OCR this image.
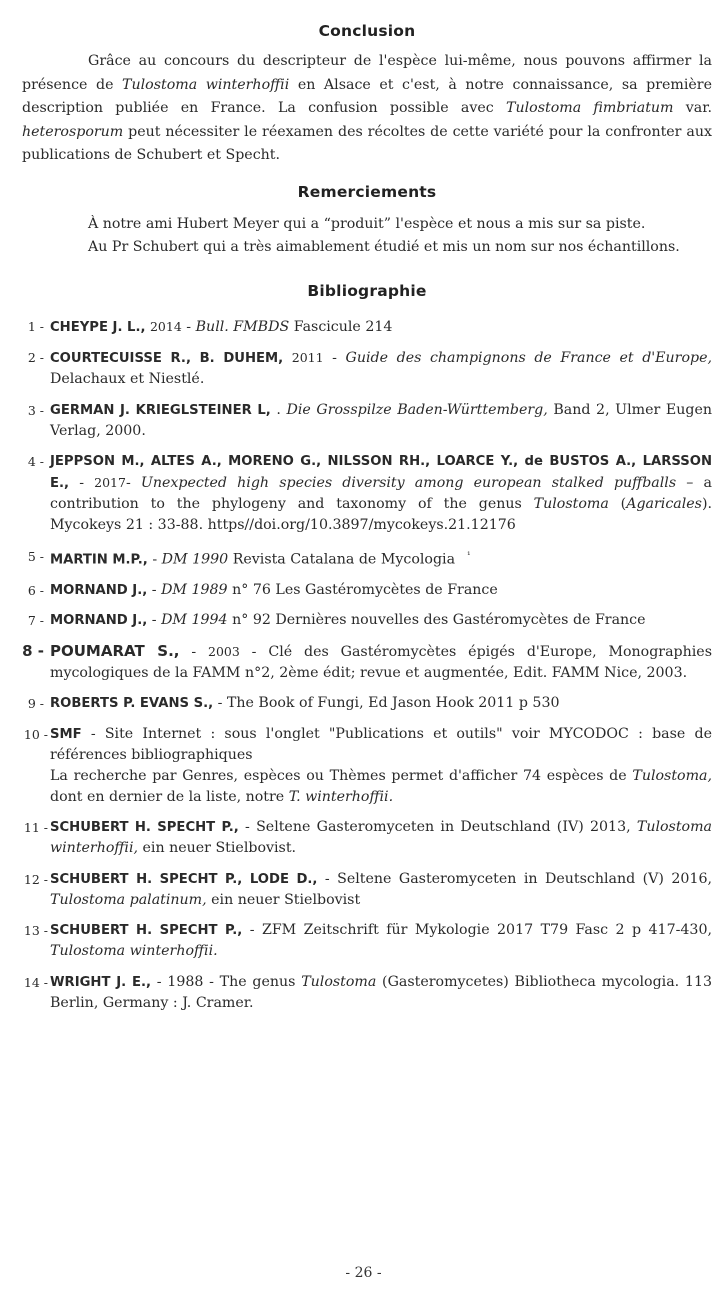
Conclusion

Grâce au concours du descripteur de l'espèce lui-même, nous pouvons affirmer la présence de Tulostoma winterhoffii en Alsace et c'est, à notre connaissance, sa première description publiée en France. La confusion possible avec Tulostoma fimbriatum var. heterosporum peut nécessiter le réexamen des récoltes de cette variété pour la confronter aux publications de Schubert et Specht.

Remerciements

À notre ami Hubert Meyer qui a “produit” l'espèce et nous a mis sur sa piste.

Au Pr Schubert qui a très aimablement étudié et mis un nom sur nos échantillons.

Bibliographie
1 - CHEYPE J. L., 2014 - Bull. FMBDS Fascicule 214
2 - COURTECUISSE R., B. DUHEM, 2011 - Guide des champignons de France et d'Europe, Delachaux et Niestlé.
3 - GERMAN J. KRIEGLSTEINER L, . Die Grosspilze Baden-Württemberg, Band 2, Ulmer Eugen Verlag, 2000.
4 - JEPPSON M., ALTES A., MORENO G., NILSSON RH., LOARCE Y., de BUSTOS A., LARSSON E., - 2017- Unexpected high species diversity among european stalked puffballs – a contribution to the phylogeny and taxonomy of the genus Tulostoma (Agaricales). Mycokeys 21 : 33-88. https//doi.org/10.3897/mycokeys.21.12176
5 - MARTIN M.P., - DM 1990 Revista Catalana de Mycologia $^{^1}$
6 - MORNAND J., - DM 1989 n° 76 Les Gastéromycètes de France
7 - MORNAND J., - DM 1994 n° 92 Dernières nouvelles des Gastéromycètes de France
8 - POUMARAT S., - 2003 - Clé des Gastéromycètes épigés d'Europe, Monographies mycologiques de la FAMM n°2, 2ème édit; revue et augmentée, Edit. FAMM Nice, 2003.
9 - ROBERTS P. EVANS S., - The Book of Fungi, Ed Jason Hook 2011 p 530
10 - SMF - Site Internet : sous l'onglet "Publications et outils" voir MYCODOC : base de références bibliographiques
La recherche par Genres, espèces ou Thèmes permet d'afficher 74 espèces de Tulostoma, dont en dernier de la liste, notre T. winterhoffii.
11 - SCHUBERT H. SPECHT P., - Seltene Gasteromyceten in Deutschland (IV) 2013, Tulostoma winterhoffii, ein neuer Stielbovist.
12 - SCHUBERT H. SPECHT P., LODE D., - Seltene Gasteromyceten in Deutschland (V) 2016, Tulostoma palatinum, ein neuer Stielbovist
13 - SCHUBERT H. SPECHT P., - ZFM Zeitschrift für Mykologie 2017 T79 Fasc 2 p 417-430, Tulostoma winterhoffii.
14 - WRIGHT J. E., - 1988 - The genus Tulostoma (Gasteromycetes) Bibliotheca mycologia. 113 Berlin, Germany : J. Cramer.
- 26 -
